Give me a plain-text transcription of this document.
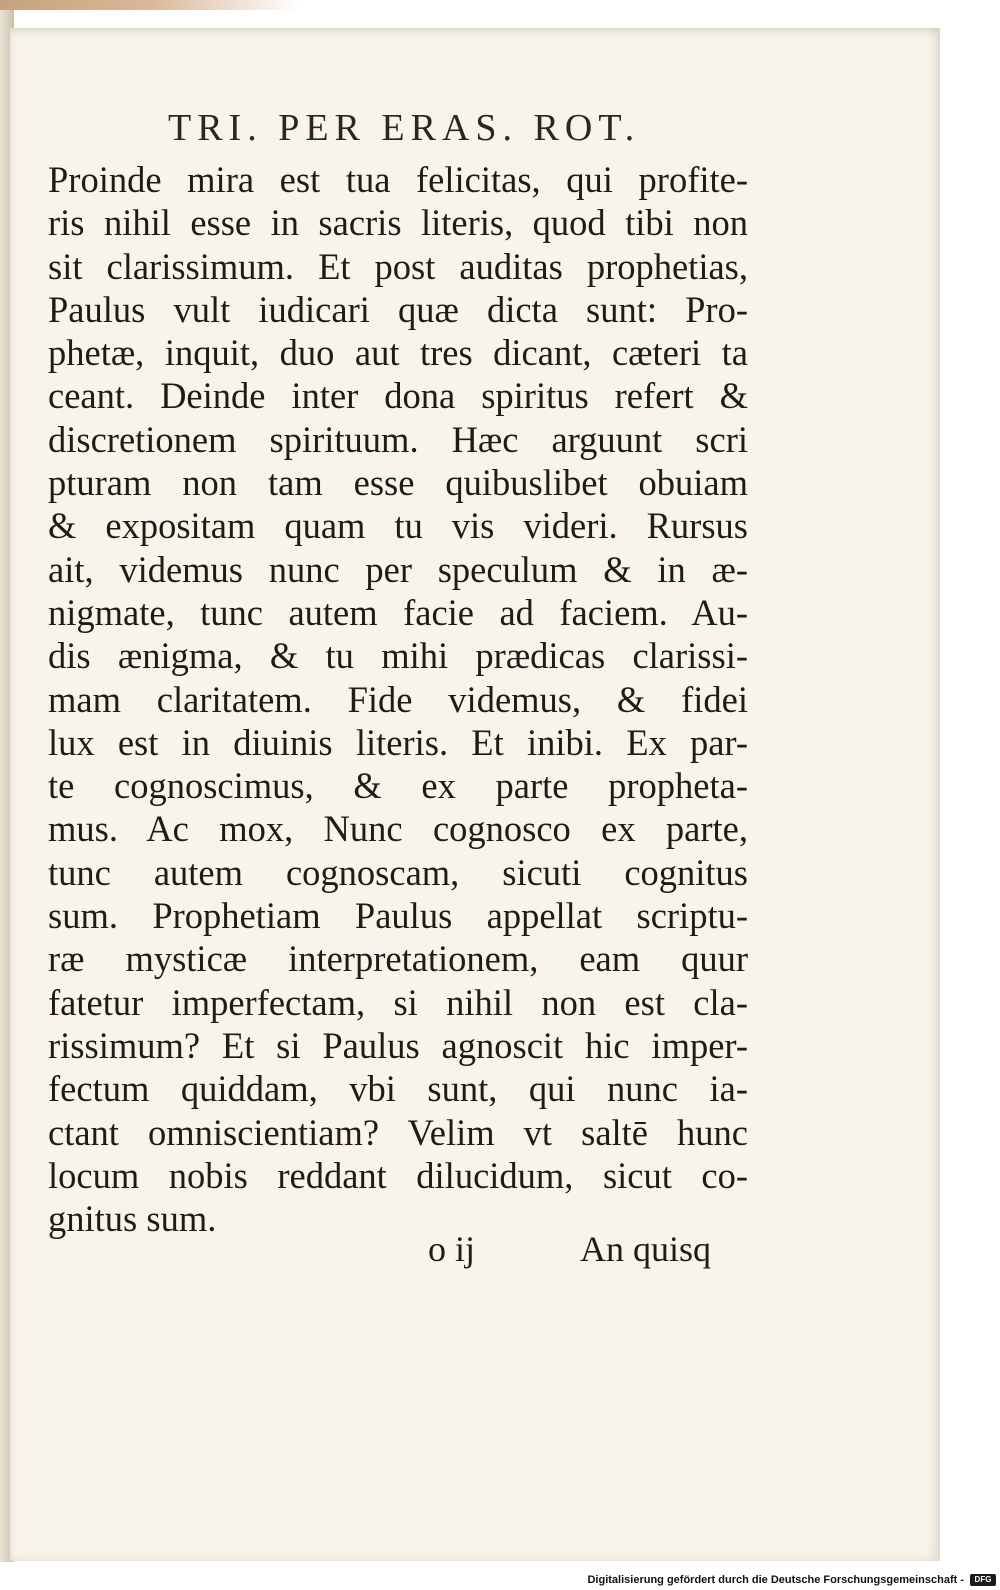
TRI. PER ERAS. ROT.
Proinde mira est tua felicitas, qui profite-
ris nihil esse in sacris literis, quod tibi non
sit clarissimum. Et post auditas prophetias,
Paulus vult iudicari quæ dicta sunt: Pro-
phetæ, inquit, duo aut tres dicant, cæteri ta
ceant. Deinde inter dona spiritus refert &
discretionem spirituum. Hæc arguunt scri
pturam non tam esse quibuslibet obuiam
& expositam quam tu vis videri. Rursus
ait, videmus nunc per speculum & in æ-
nigmate, tunc autem facie ad faciem. Au-
dis ænigma, & tu mihi prædicas clarissi-
mam claritatem. Fide videmus, & fidei
lux est in diuinis literis. Et inibi. Ex par-
te cognoscimus, & ex parte propheta-
mus. Ac mox, Nunc cognosco ex parte,
tunc autem cognoscam, sicuti cognitus
sum. Prophetiam Paulus appellat scriptu-
ræ mysticæ interpretationem, eam quur
fatetur imperfectam, si nihil non est cla-
rissimum? Et si Paulus agnoscit hic imper-
fectum quiddam, vbi sunt, qui nunc ia-
ctant omniscientiam? Velim vt saltē hunc
locum nobis reddant dilucidum, sicut co-
gnitus sum.
o ij	An quisq
Digitalisierung gefördert durch die Deutsche Forschungsgemeinschaft -	DFG
